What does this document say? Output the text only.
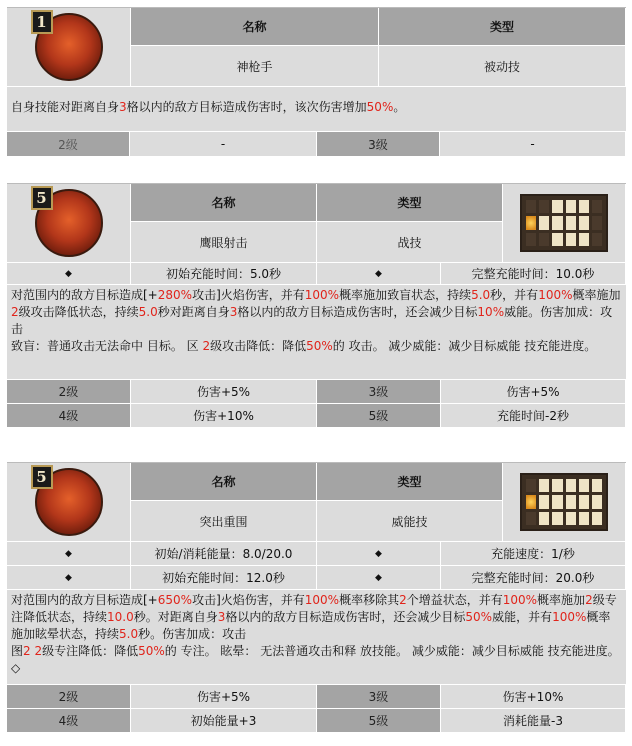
1	名称	类型
神枪手	被动技
自身技能对距离自身3格以内的敌方目标造成伤害时，该次伤害增加50%。
2级	-	3级	-
5	名称	类型
鹰眼射击	战技
◆	初始充能时间：5.0秒	◆	完整充能时间：10.0秒
对范围内的敌方目标造成[+280%攻击]火焰伤害，并有100%概率施加致盲状态，持续5.0秒，并有100%概率施加2级攻击降低状态，持续5.0秒对距离自身3格以内的敌方目标造成伤害时，还会减少目标10%威能。伤害加成：攻击
致盲：普通攻击无法命中 目标。 区 2级攻击降低：降低50%的 攻击。 减少威能：减少目标威能 技充能进度。
2级	伤害+5%	3级	伤害+5%
4级	伤害+10%	5级	充能时间-2秒
5	名称	类型
突出重围	威能技
◆	初始/消耗能量：8.0/20.0	◆	充能速度：1/秒
◆	初始充能时间：12.0秒	◆	完整充能时间：20.0秒
对范围内的敌方目标造成[+650%攻击]火焰伤害，并有100%概率移除其2个增益状态，并有100%概率施加2级专注降低状态，持续10.0秒。对距离自身3格以内的敌方目标造成伤害时，还会减少目标50%威能，并有100%概率施加眩晕状态，持续5.0秒。伤害加成：攻击
图2 2级专注降低：降低50%的 专注。 眩晕： 无法普通攻击和释 放技能。 减少威能：减少目标威能 技充能进度。 ◇
2级	伤害+5%	3级	伤害+10%
4级	初始能量+3	5级	消耗能量-3
